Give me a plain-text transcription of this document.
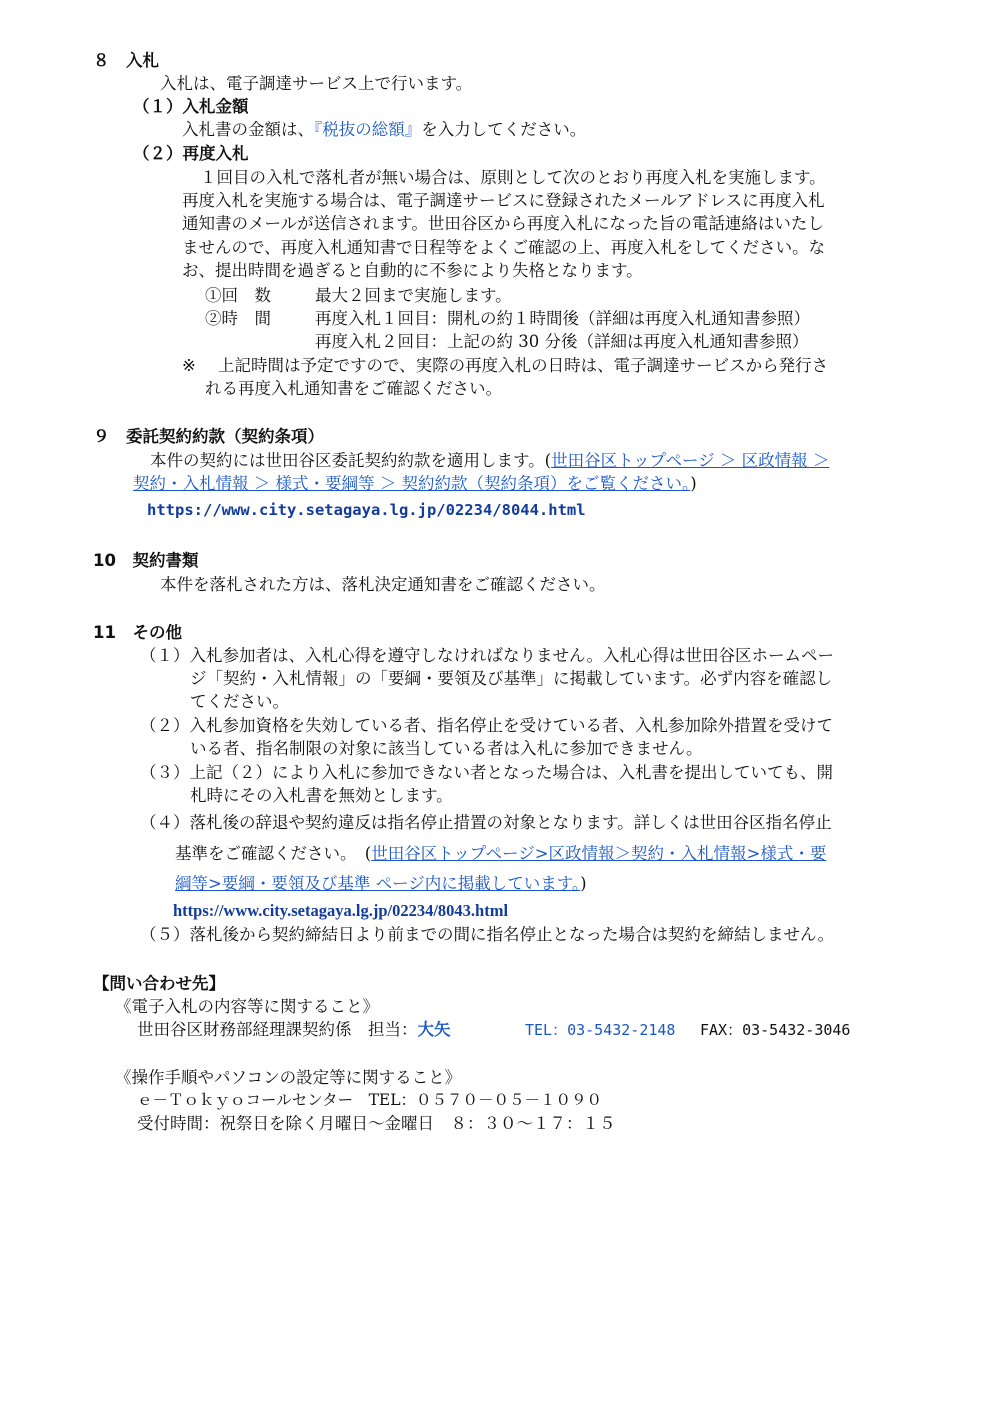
８　入札
入札は、電子調達サービス上で行います。
（１）入札金額
入札書の金額は、『税抜の総額』を入力してください。
（２）再度入札
１回目の入札で落札者が無い場合は、原則として次のとおり再度入札を実施します。
再度入札を実施する場合は、電子調達サービスに登録されたメールアドレスに再度入札
通知書のメールが送信されます。世田谷区から再度入札になった旨の電話連絡はいたし
ませんので、再度入札通知書で日程等をよくご確認の上、再度入札をしてください。な
お、提出時間を過ぎると自動的に不参により失格となります。
①回　数	最大２回まで実施します。
②時　間	再度入札１回目：開札の約１時間後（詳細は再度入札通知書参照）
再度入札２回目：上記の約 30 分後（詳細は再度入札通知書参照）
※ 上記時間は予定ですので、実際の再度入札の日時は、電子調達サービスから発行さ
れる再度入札通知書をご確認ください。
９　委託契約約款（契約条項）
本件の契約には世田谷区委託契約約款を適用します。(世田谷区トップページ ＞ 区政情報 ＞
契約・入札情報 ＞ 様式・要綱等 ＞ 契約約款（契約条項）をご覧ください。)
https://www.city.setagaya.lg.jp/02234/8044.html
10　契約書類
本件を落札された方は、落札決定通知書をご確認ください。
11　その他
（１）入札参加者は、入札心得を遵守しなければなりません。入札心得は世田谷区ホームペー
ジ「契約・入札情報」の「要綱・要領及び基準」に掲載しています。必ず内容を確認し
てください。
（２）入札参加資格を失効している者、指名停止を受けている者、入札参加除外措置を受けて
いる者、指名制限の対象に該当している者は入札に参加できません。
（３）上記（２）により入札に参加できない者となった場合は、入札書を提出していても、開
札時にその入札書を無効とします。
（４）落札後の辞退や契約違反は指名停止措置の対象となります。詳しくは世田谷区指名停止
基準をご確認ください。　(世田谷区トップページ>区政情報＞契約・入札情報>様式・要
綱等>要綱・要領及び基準 ページ内に掲載しています。)
https://www.city.setagaya.lg.jp/02234/8043.html
（５）落札後から契約締結日より前までの間に指名停止となった場合は契約を締結しません。
【問い合わせ先】
《電子入札の内容等に関すること》
世田谷区財務部経理課契約係　担当：大矢	TEL：03-5432-2148 FAX：03-5432-3046
《操作手順やパソコンの設定等に関すること》
ｅ－Ｔｏｋｙｏコールセンター　TEL：０５７０－０５－１０９０
受付時間：祝祭日を除く月曜日～金曜日　８：３０～１７：１５
